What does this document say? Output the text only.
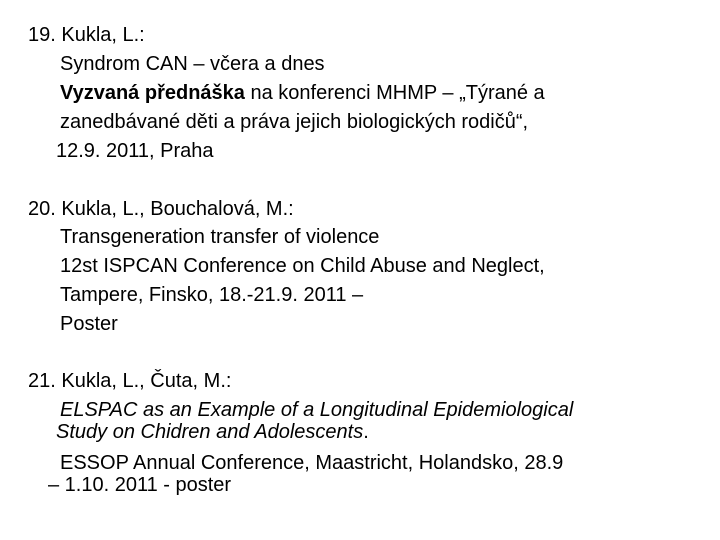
19. Kukla, L.:
Syndrom CAN – včera a dnes
Vyzvaná přednáška na konferenci MHMP – „Týrané a
zanedbávané děti a práva jejich biologických rodičů“,
12.9. 2011, Praha
20. Kukla, L., Bouchalová, M.:
Transgeneration transfer of violence
12st ISPCAN Conference on Child Abuse and Neglect,
Tampere, Finsko, 18.-21.9. 2011 –
Poster
21. Kukla, L., Čuta, M.:
ELSPAC as an Example of a Longitudinal Epidemiological
Study on Chidren and Adolescents.
ESSOP Annual Conference, Maastricht, Holandsko, 28.9
– 1.10. 2011 - poster
